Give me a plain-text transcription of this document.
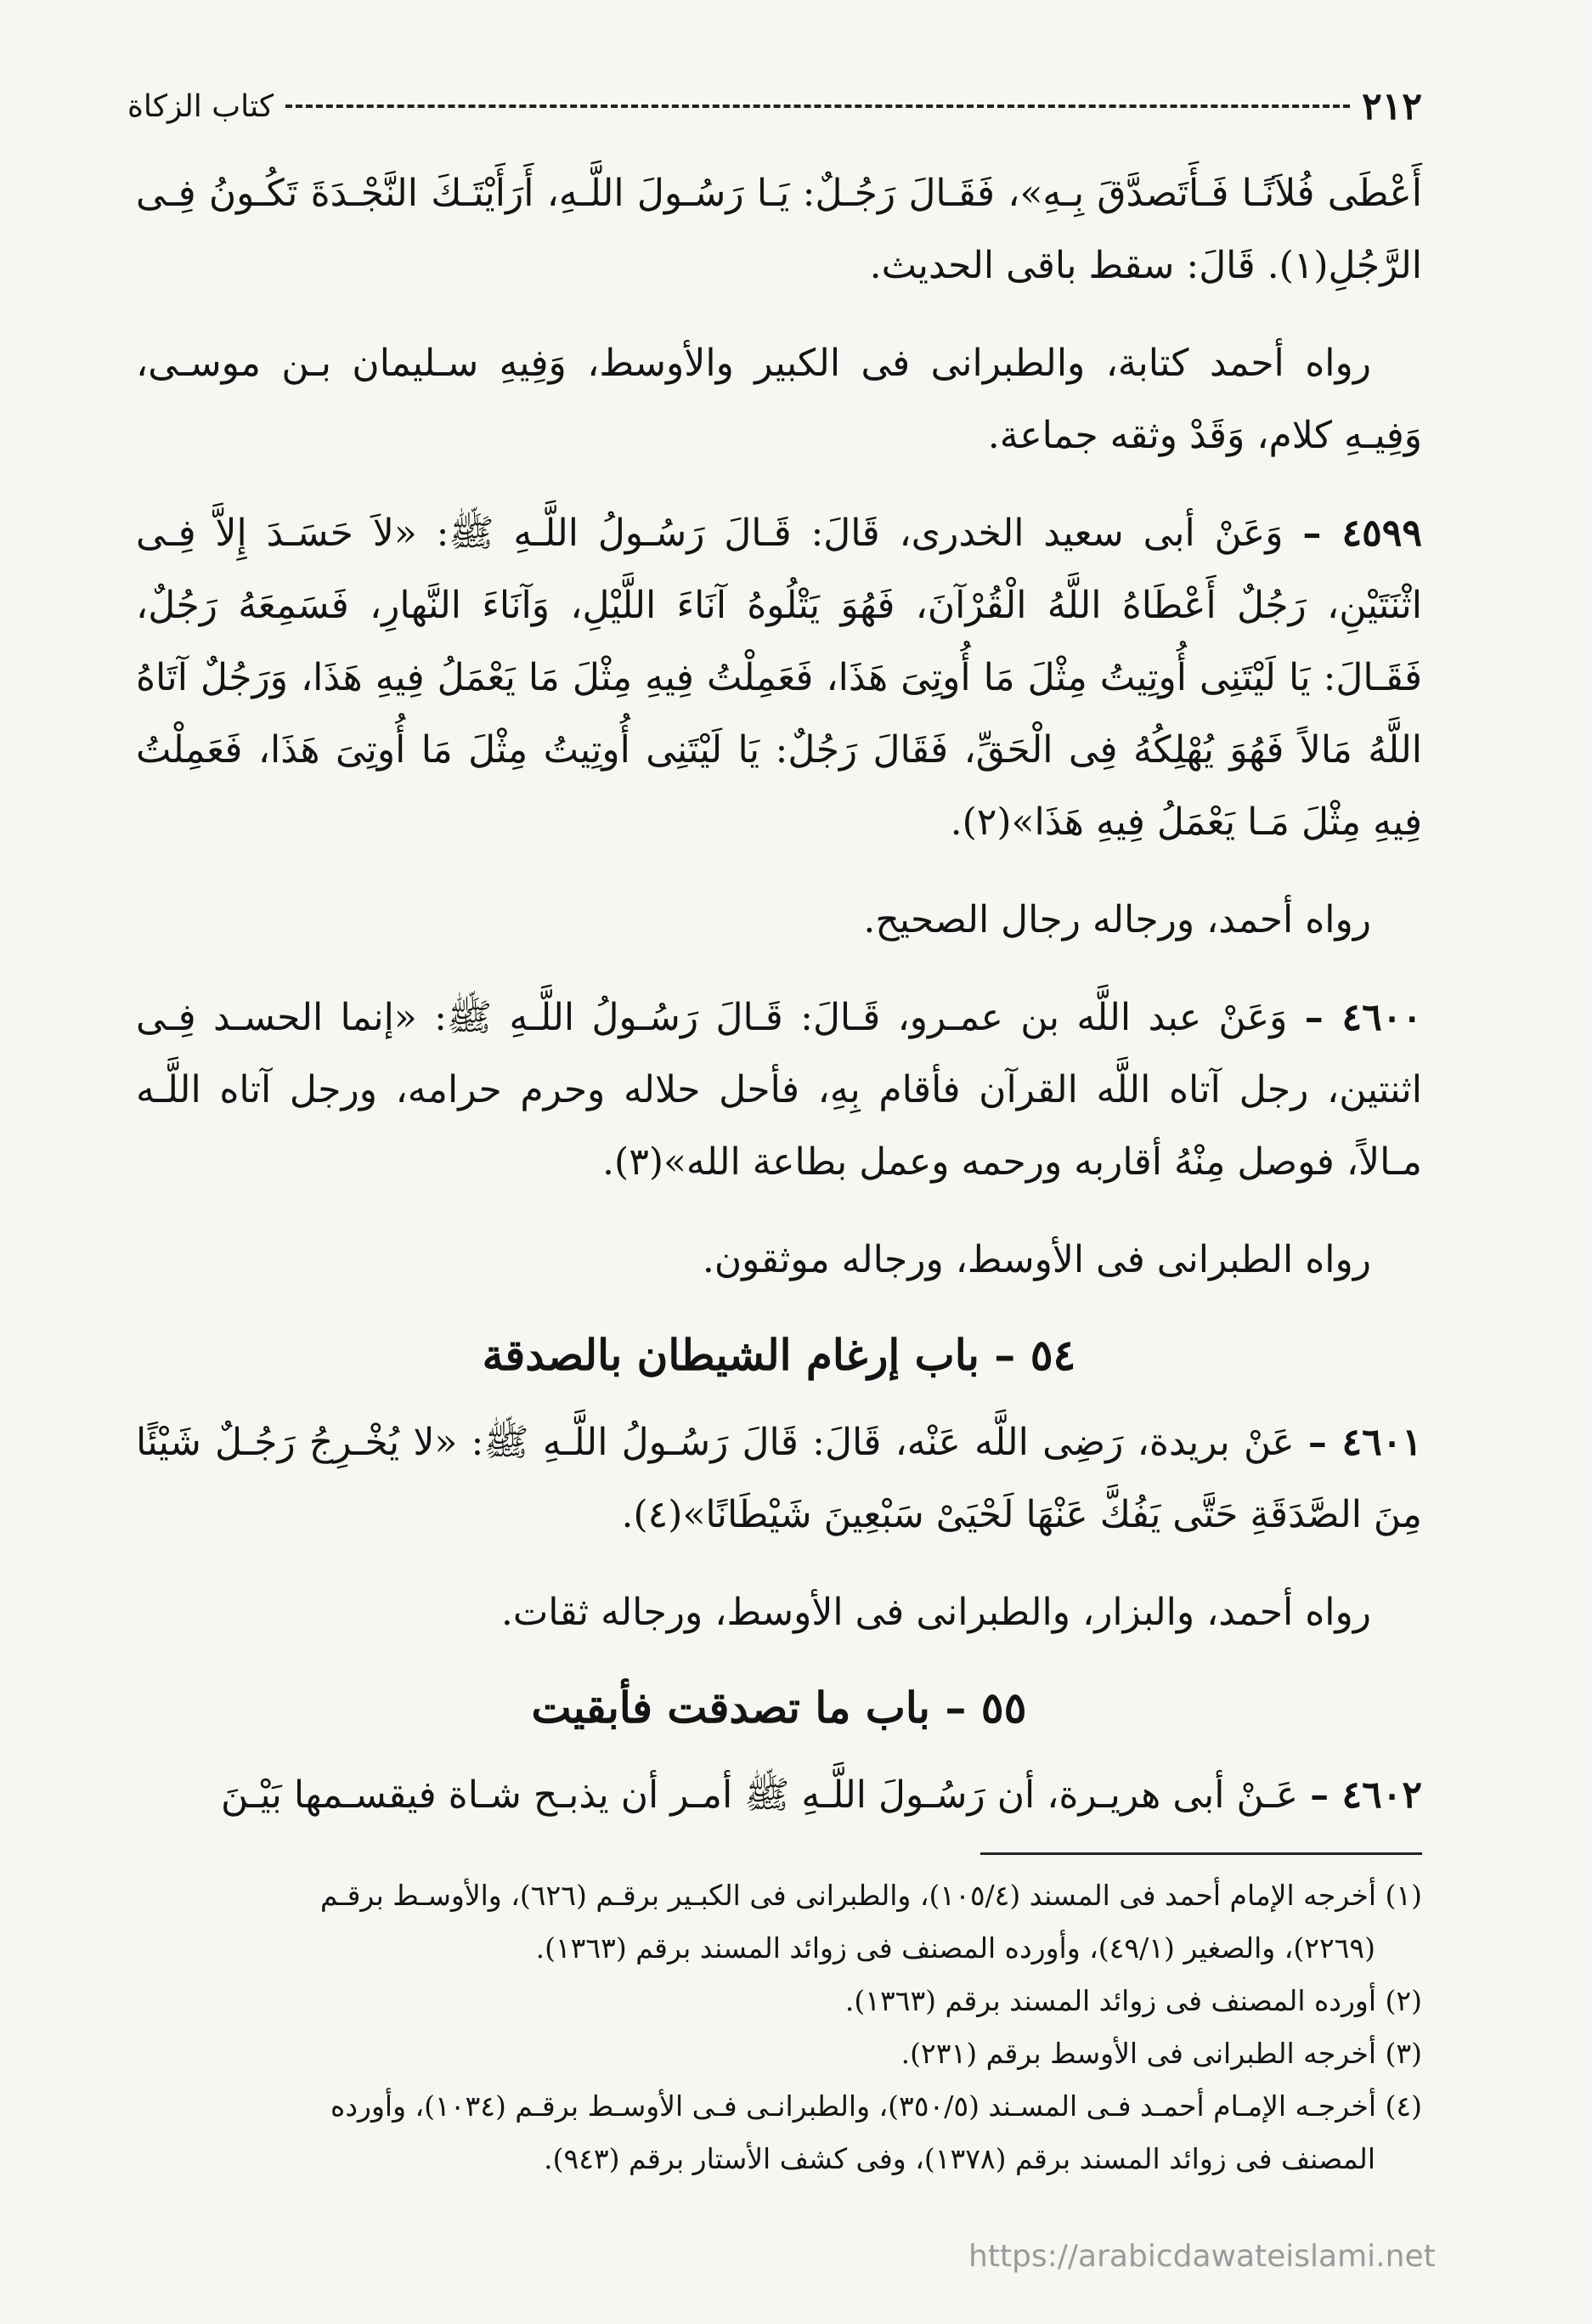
كتاب الزكاة	٢١٢

أَعْطَى فُلاَنًـا فَـأَتَصدَّقَ بِـهِ»، فَقَـالَ رَجُـلٌ: يَـا رَسُـولَ اللَّـهِ، أَرَأَيْتَـكَ النَّجْـدَةَ تَكُـونُ فِـى الرَّجُلِ(١). قَالَ: سقط باقى الحديث.

رواه أحمد كتابة، والطبرانى فى الكبير والأوسط، وَفِيهِ سـليمان بـن موسـى، وَفِيـهِ كلام، وَقَدْ وثقه جماعة.

٤٥٩٩ – وَعَنْ أبى سعيد الخدرى، قَالَ: قَـالَ رَسُـولُ اللَّـهِ ﷺ: «لاَ حَسَـدَ إِلاَّ فِـى اثْنَتَيْنِ، رَجُلٌ أَعْطَاهُ اللَّهُ الْقُرْآنَ، فَهُوَ يَتْلُوهُ آنَاءَ اللَّيْلِ، وَآنَاءَ النَّهارِ، فَسَمِعَهُ رَجُلٌ، فَقَـالَ: يَا لَيْتَنِى أُوتِيتُ مِثْلَ مَا أُوتِىَ هَذَا، فَعَمِلْتُ فِيهِ مِثْلَ مَا يَعْمَلُ فِيهِ هَذَا، وَرَجُلٌ آتَاهُ اللَّهُ مَالاً فَهُوَ يُهْلِكُهُ فِى الْحَقِّ، فَقَالَ رَجُلٌ: يَا لَيْتَنِى أُوتِيتُ مِثْلَ مَا أُوتِىَ هَذَا، فَعَمِلْتُ فِيهِ مِثْلَ مَـا يَعْمَلُ فِيهِ هَذَا»(٢).

رواه أحمد، ورجاله رجال الصحيح.

٤٦٠٠ – وَعَنْ عبد اللَّه بن عمـرو، قَـالَ: قَـالَ رَسُـولُ اللَّـهِ ﷺ: «إنما الحسـد فِـى اثنتين، رجل آتاه اللَّه القرآن فأقام بِهِ، فأحل حلاله وحرم حرامه، ورجل آتاه اللَّـه مـالاً، فوصل مِنْهُ أقاربه ورحمه وعمل بطاعة الله»(٣).

رواه الطبرانى فى الأوسط، ورجاله موثقون.

٥٤ – باب إرغام الشيطان بالصدقة

٤٦٠١ – عَنْ بريدة، رَضِى اللَّه عَنْه، قَالَ: قَالَ رَسُـولُ اللَّـهِ ﷺ: «لا يُخْـرِجُ رَجُـلٌ شَيْئًا مِنَ الصَّدَقَةِ حَتَّى يَفُكَّ عَنْهَا لَحْيَىْ سَبْعِينَ شَيْطَانًا»(٤).

رواه أحمد، والبزار، والطبرانى فى الأوسط، ورجاله ثقات.

٥٥ – باب ما تصدقت فأبقيت

٤٦٠٢ – عَـنْ أبى هريـرة، أن رَسُـولَ اللَّـهِ ﷺ أمـر أن يذبـح شـاة فيقسـمها بَيْـنَ

(١) أخرجه الإمام أحمد فى المسند (١٠٥/٤)، والطبرانى فى الكبـير برقـم (٦٢٦)، والأوسـط برقـم

(٢٢٦٩)، والصغير (٤٩/١)، وأورده المصنف فى زوائد المسند برقم (١٣٦٣).

(٢) أورده المصنف فى زوائد المسند برقم (١٣٦٣).

(٣) أخرجه الطبرانى فى الأوسط برقم (٢٣١).

(٤) أخرجـه الإمـام أحمـد فـى المسـند (٣٥٠/٥)، والطبرانـى فـى الأوسـط برقـم (١٠٣٤)، وأورده

المصنف فى زوائد المسند برقم (١٣٧٨)، وفى كشف الأستار برقم (٩٤٣).

https://arabicdawateislami.net
